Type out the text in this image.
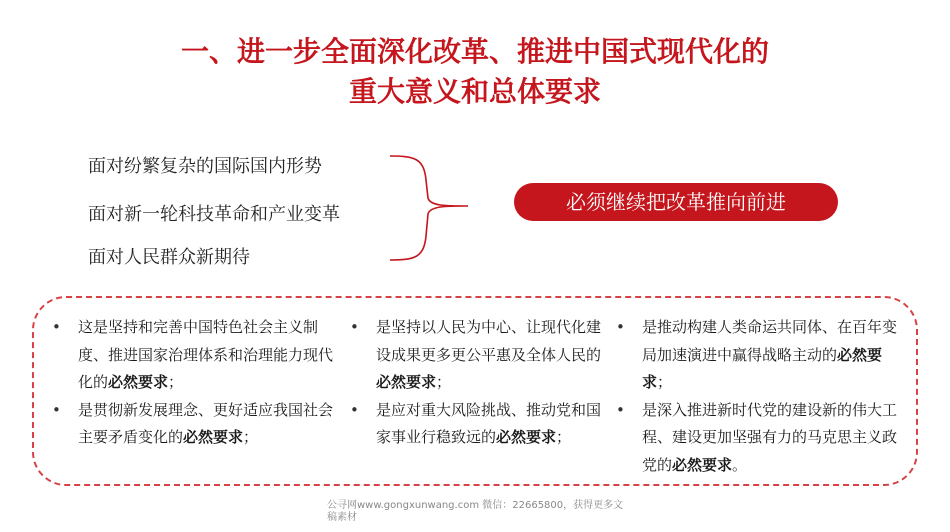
一、进一步全面深化改革、推进中国式现代化的
重大意义和总体要求
面对纷繁复杂的国际国内形势
面对新一轮科技革命和产业变革
面对人民群众新期待
必须继续把改革推向前进
• 这是坚持和完善中国特色社会主义制度、推进国家治理体系和治理能力现代化的必然要求；
• 是贯彻新发展理念、更好适应我国社会主要矛盾变化的必然要求；
• 是坚持以人民为中心、让现代化建设成果更多更公平惠及全体人民的必然要求；
• 是应对重大风险挑战、推动党和国家事业行稳致远的必然要求；
• 是推动构建人类命运共同体、在百年变局加速演进中赢得战略主动的必然要求；
• 是深入推进新时代党的建设新的伟大工程、建设更加坚强有力的马克思主义政党的必然要求。
公寻网www.gongxunwang.com 微信：22665800，获得更多文稿素材
